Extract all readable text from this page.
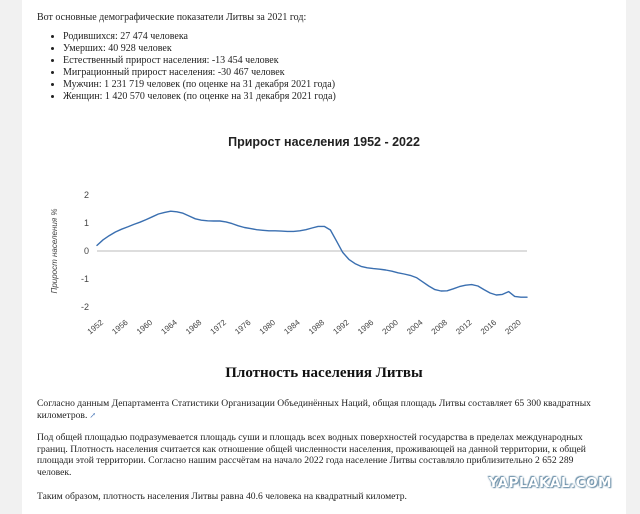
Вот основные демографические показатели Литвы за 2021 год:

• Родившихся: 27 474 человека
• Умерших: 40 928 человек
• Естественный прирост населения: -13 454 человек
• Миграционный прирост населения: -30 467 человек
• Мужчин: 1 231 719 человек (по оценке на 31 декабря 2021 года)
• Женщин: 1 420 570 человек (по оценке на 31 декабря 2021 года)
Прирост населения 1952 - 2022
2
1
0
-1
-2
1952 1956 1960 1964 1968 1972 1976 1980 1984 1988 1992 1996 2000 2004 2008 2012 2016 2020
Прирост населения %
Плотность населения Литвы

Согласно данным Департамента Статистики Организации Объединённых Наций, общая площадь Литвы составляет 65 300 квадратных километров. ↗

Под общей площадью подразумевается площадь суши и площадь всех водных поверхностей государства в пределах международных границ. Плотность населения считается как отношение общей численности населения, проживающей на данной территории, к общей площади этой территории. Согласно нашим рассчётам на начало 2022 года население Литвы составляло приблизительно 2 652 289 человек.

Таким образом, плотность населения Литвы равна 40.6 человека на квадратный километр.

YAPLAKAL.COM
